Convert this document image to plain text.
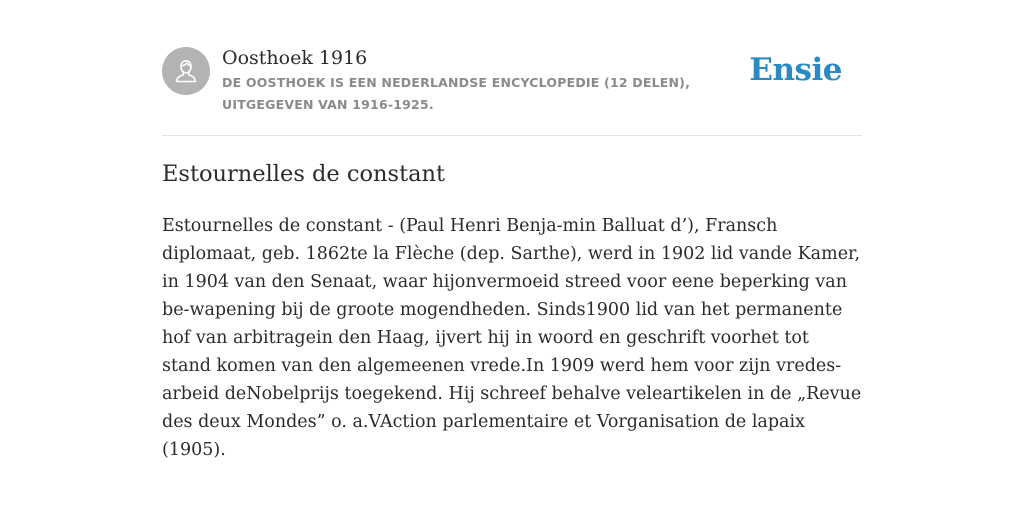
Oosthoek 1916
DE OOSTHOEK IS EEN NEDERLANDSE ENCYCLOPEDIE (12 DELEN), UITGEGEVEN VAN 1916-1925.
Ensie
Estournelles de constant

Estournelles de constant - (Paul Henri Benja-min Balluat d’), Fransch diplomaat, geb. 1862te la Flèche (dep. Sarthe), werd in 1902 lid vande Kamer, in 1904 van den Senaat, waar hijonvermoeid streed voor eene beperking van be-wapening bij de groote mogendheden. Sinds1900 lid van het permanente hof van arbitragein den Haag, ijvert hij in woord en geschrift voorhet tot stand komen van den algemeenen vrede.In 1909 werd hem voor zijn vredes-arbeid deNobelprijs toegekend. Hij schreef behalve veleartikelen in de „Revue des deux Mondes” o. a.VAction parlementaire et Vorganisation de lapaix (1905).
